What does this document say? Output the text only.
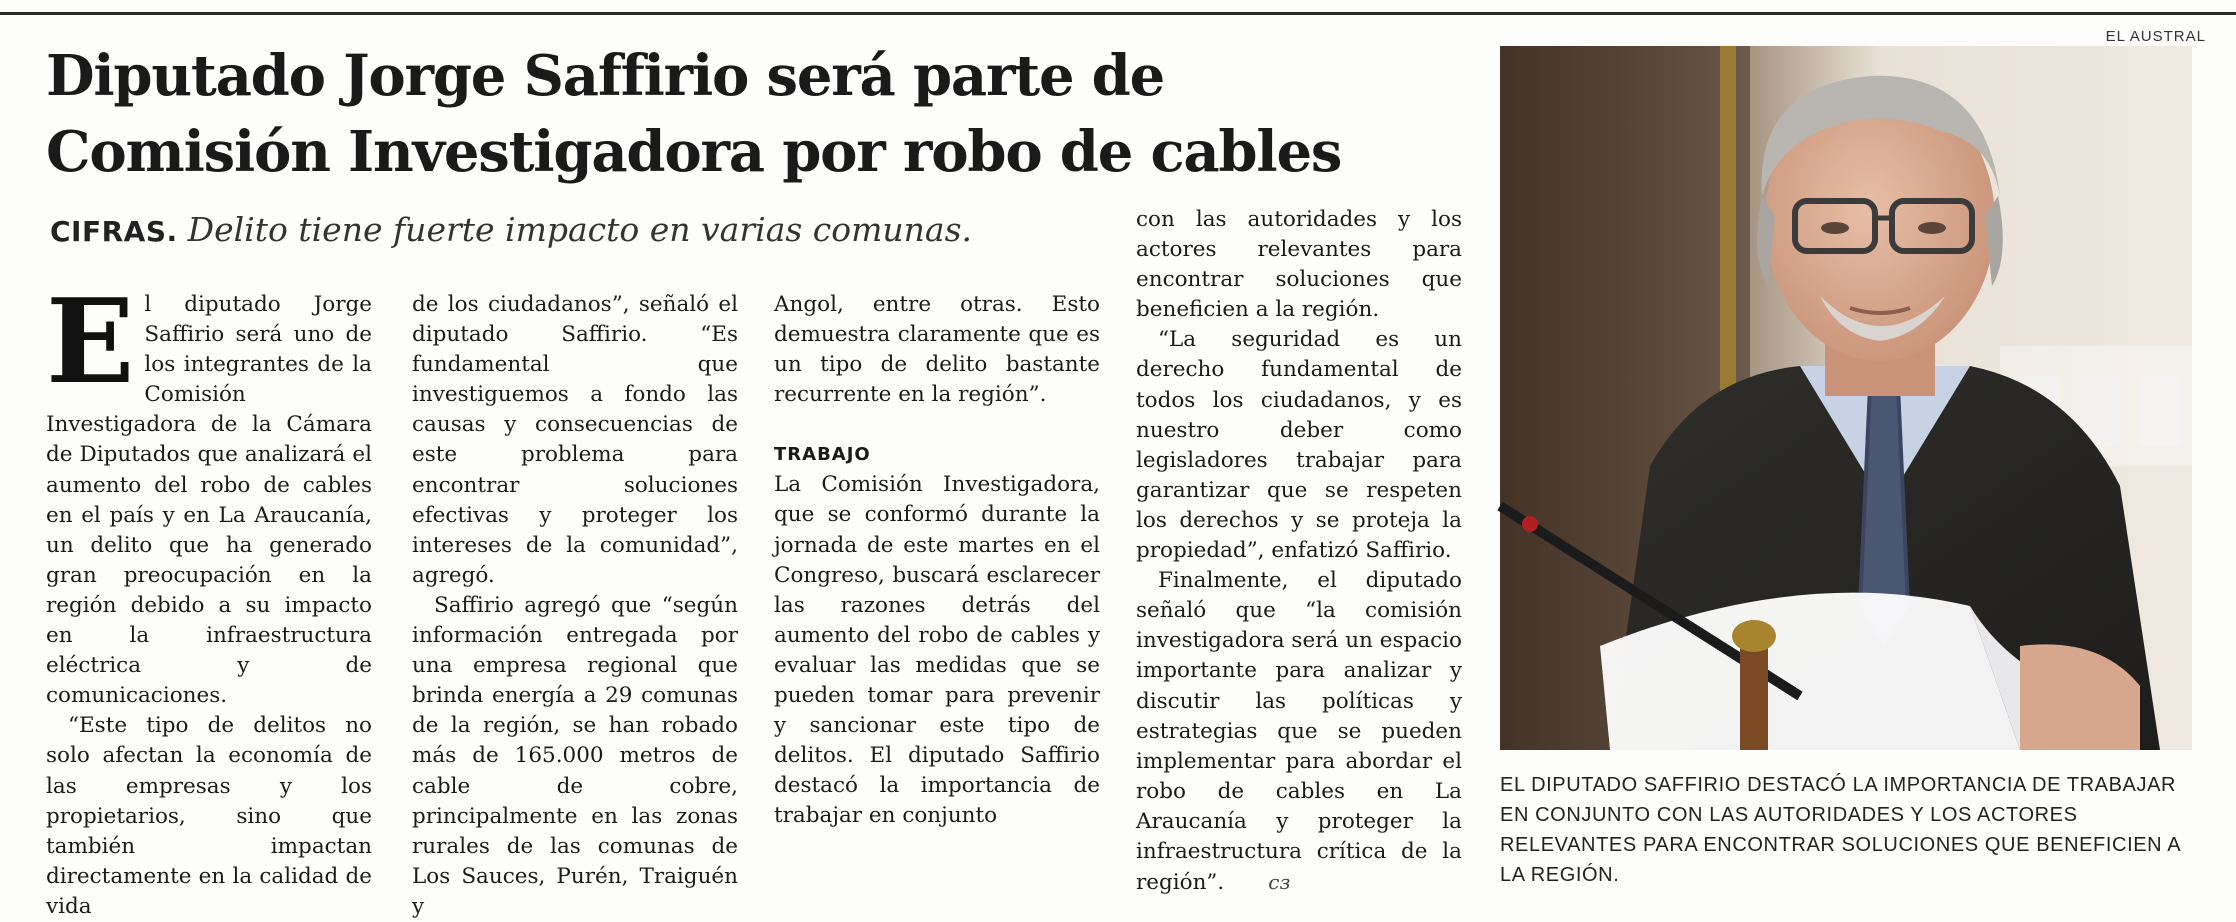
EL AUSTRAL
Diputado Jorge Saffirio será parte de
Comisión Investigadora por robo de cables
CIFRAS. Delito tiene fuerte impacto en varias comunas.

El diputado Jorge Saffirio será uno de los integrantes de la Comisión Investigadora de la Cámara de Diputados que analizará el aumento del robo de cables en el país y en La Araucanía, un delito que ha generado gran preocupación en la región debido a su impacto en la infraestructura eléctrica y de comunicaciones.

“Este tipo de delitos no solo afectan la economía de las empresas y los propietarios, sino que también impactan directamente en la calidad de vida

de los ciudadanos”, señaló el diputado Saffirio. “Es fundamental que investiguemos a fondo las causas y consecuencias de este problema para encontrar soluciones efectivas y proteger los intereses de la comunidad”, agregó.

Saffirio agregó que “según información entregada por una empresa regional que brinda energía a 29 comunas de la región, se han robado más de 165.000 metros de cable de cobre, principalmente en las zonas rurales de las comunas de Los Sauces, Purén, Traiguén y

Angol, entre otras. Esto demuestra claramente que es un tipo de delito bastante recurrente en la región”.

TRABAJO

La Comisión Investigadora, que se conformó durante la jornada de este martes en el Congreso, buscará esclarecer las razones detrás del aumento del robo de cables y evaluar las medidas que se pueden tomar para prevenir y sancionar este tipo de delitos. El diputado Saffirio destacó la importancia de trabajar en conjunto

con las autoridades y los actores relevantes para encontrar soluciones que beneficien a la región.

“La seguridad es un derecho fundamental de todos los ciudadanos, y es nuestro deber como legisladores trabajar para garantizar que se respeten los derechos y se proteja la propiedad”, enfatizó Saffirio.

Finalmente, el diputado señaló que “la comisión investigadora será un espacio importante para analizar y discutir las políticas y estrategias que se pueden implementar para abordar el robo de cables en La Araucanía y proteger la infraestructura crítica de la región”. cз

EL DIPUTADO SAFFIRIO DESTACÓ LA IMPORTANCIA DE TRABAJAR EN CONJUNTO CON LAS AUTORIDADES Y LOS ACTORES RELEVANTES PARA ENCONTRAR SOLUCIONES QUE BENEFICIEN A LA REGIÓN.
